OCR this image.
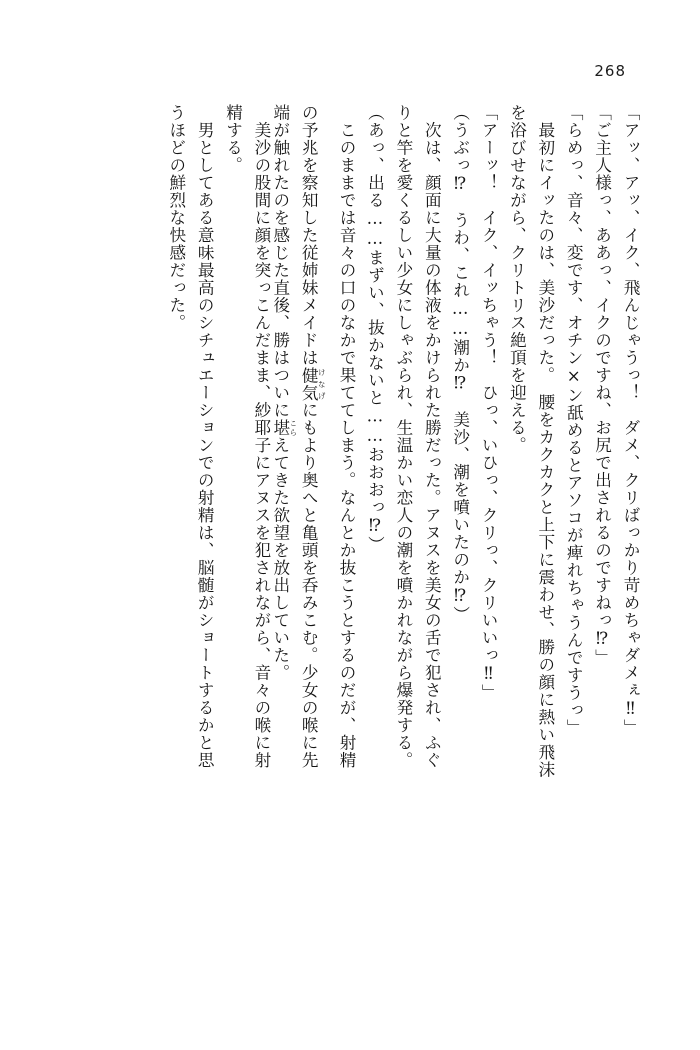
268
「アッ、アッ、イク、飛んじゃうっ！　ダメ、クリばっかり苛めちゃダメぇ‼」
「ご主人様っ、ああっ、イクのですね、お尻で出されるのですねっ⁉」
「らめっ、音々、変です、オチン×ン舐めるとアソコが痺れちゃうんですうっ」
　最初にイッたのは、美沙だった。　腰をカクカクと上下に震わせ、勝の顔に熱い飛沫
を浴びせながら、クリトリス絶頂を迎える。
「アーッ！　イク、イッちゃう！　ひっ、いひっ、クリっ、クリいいっ‼」
（うぶっ⁉　うわ、これ……潮か⁉　美沙、潮を噴いたのか⁉）
　次は、顔面に大量の体液をかけられた勝だった。アヌスを美女の舌で犯され、ふぐ
りと竿を愛くるしい少女にしゃぶられ、生温かい恋人の潮を噴かれながら爆発する。
（あっ、出る……まずい、抜かないと……おおおっ⁉）
　このままでは音々の口のなかで果ててしまう。なんとか抜こうとするのだが、射精
の予兆を察知した従姉妹メイドは健気 けなげにもより奥へと亀頭を呑みこむ。少女の喉に先
端が触れたのを感じた直後、勝はついに堪 こらえてきた欲望を放出していた。
　美沙の股間に顔を突っこんだまま、紗耶子にアヌスを犯されながら、音々の喉に射
精する。
　男としてある意味最高のシチュエーションでの射精は、脳髄がショートするかと思
うほどの鮮烈な快感だった。
